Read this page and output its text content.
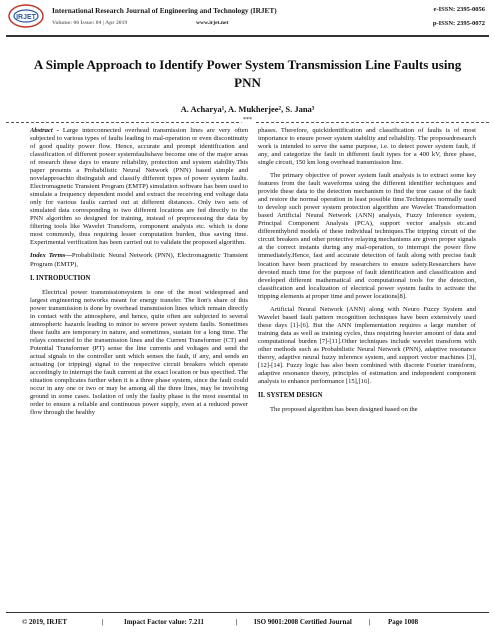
IRJET
International Research Journal of Engineering and Technology (IRJET)
Volume: 06 Issue: 04 | Apr 2019	www.irjet.net
e-ISSN: 2395-0056
p-ISSN: 2395-0072
A Simple Approach to Identify Power System Transmission Line Faults using PNN
A. Acharya¹, A. Mukherjee², S. Jana³
***

Abstract - Large interconnected overhead transmission lines are very often subjected to various types of faults leading to mal-operation or even discontinuity of good quality power flow. Hence, accurate and prompt identification and classification of different power systemfaultshave become one of the major areas of research these days to ensure reliability, protection and system stability.This paper presents a Probabilistic Neural Network (PNN) based simple and novelapproachto distinguish and classify different types of power system faults. Electromagnetic Transient Program (EMTP) simulation software has been used to simulate a frequency dependent model and extract the receiving end voltage data only for various faults carried out at different distances. Only two sets of simulated data corresponding to two different locations are fed directly to the PNN algorithm so designed for training, instead of preprocessing the data by filtering tools like Wavelet Transform, component analysis etc. which is done most commonly, thus requiring lesser computation burden, thus saving time. Experimental verification has been carried out to validate the proposed algorithm.

Index Terms—Probabilistic Neural Network (PNN), Electromagnetic Transient Program (EMTP),

I. INTRODUCTION

Electrical power transmissionsystem is one of the most widespread and largest engineering networks meant for energy transfer. The lion's share of this power transmission is done by overhead transmission lines which remain directly in contact with the atmosphere, and hence, quite often are subjected to several atmospheric hazards leading to minor to severe power system faults. Sometimes these faults are temporary in nature, and sometimes, sustain for a long time. The relays connected to the transmission lines and the Current Transformer (CT) and Potential Transformer (PT) sense the line currents and voltages and send the actual signals to the controller unit which senses the fault, if any, and sends an actuating (or tripping) signal to the respective circuit breakers which operate accordingly to interrupt the fault current at the exact location or bus specified. The situation complicates further when it is a three phase system, since the fault could occur in any one or two or may be among all the three lines, may be involving ground in some cases. Isolation of only the faulty phase is the most essential in order to ensure a reliable and continuous power supply, even at a reduced power flow through the healthy

phases. Therefore, quickidentification and classification of faults is of most importance to ensure power system stability and reliability. The proposedresearch work is intended to serve the same purpose, i.e. to detect power system fault, if any, and categorize the fault in different fault types for a 400 kV, three phase, single circuit, 150 km long overhead transmission line.

The primary objective of power system fault analysis is to extract some key features from the fault waveforms using the different identifier techniques and provide these data to the detection mechanism to find the true cause of the fault and restore the normal operation in least possible time.Techniques normally used to develop such power system protection algorithm are Wavelet Transformation based Artificial Neural Network (ANN) analysis, Fuzzy Inference system, Principal Component Analysis (PCA), support vector analysis etc.and differenthybrid models of these individual techniques.The tripping circuit of the circuit breakers and other protective relaying mechanisms are given proper signals at the correct instants during any mal-operation, to interrupt the power flow immediately.Hence, fast and accurate detection of fault along with precise fault location have been practiced by researchers to ensure safety.Researchers have devoted much time for the purpose of fault identification and classification and developed different mathematical and computational tools for the detection, classification and localization of electrical power system faults to activate the tripping elements at proper time and power locations[8].

Artificial Neural Network (ANN) along with Neuro Fuzzy System and Wavelet based fault pattern recognition techniques have been extensively used these days [1]-[6]. But the ANN implementation requires a large number of training data as well as training cycles, thus requiring heavier amount of data and computational burden [7]-[11].Other techniques include wavelet transform with other methods such as Probabilistic Neural Network (PNN), adaptive resonance theory, adaptive neural fuzzy inference system, and support vector machines [3], [12]-[14]. Fuzzy logic has also been combined with discrete Fourier transform, adaptive resonance theory, principles of estimation and independent component analysis to enhance performance [15],[16].

II. SYSTEM DESIGN

The proposed algorithm has been designed based on the

© 2019, IRJET	|	Impact Factor value: 7.211	| ISO 9001:2008 Certified Journal | Page 1008
